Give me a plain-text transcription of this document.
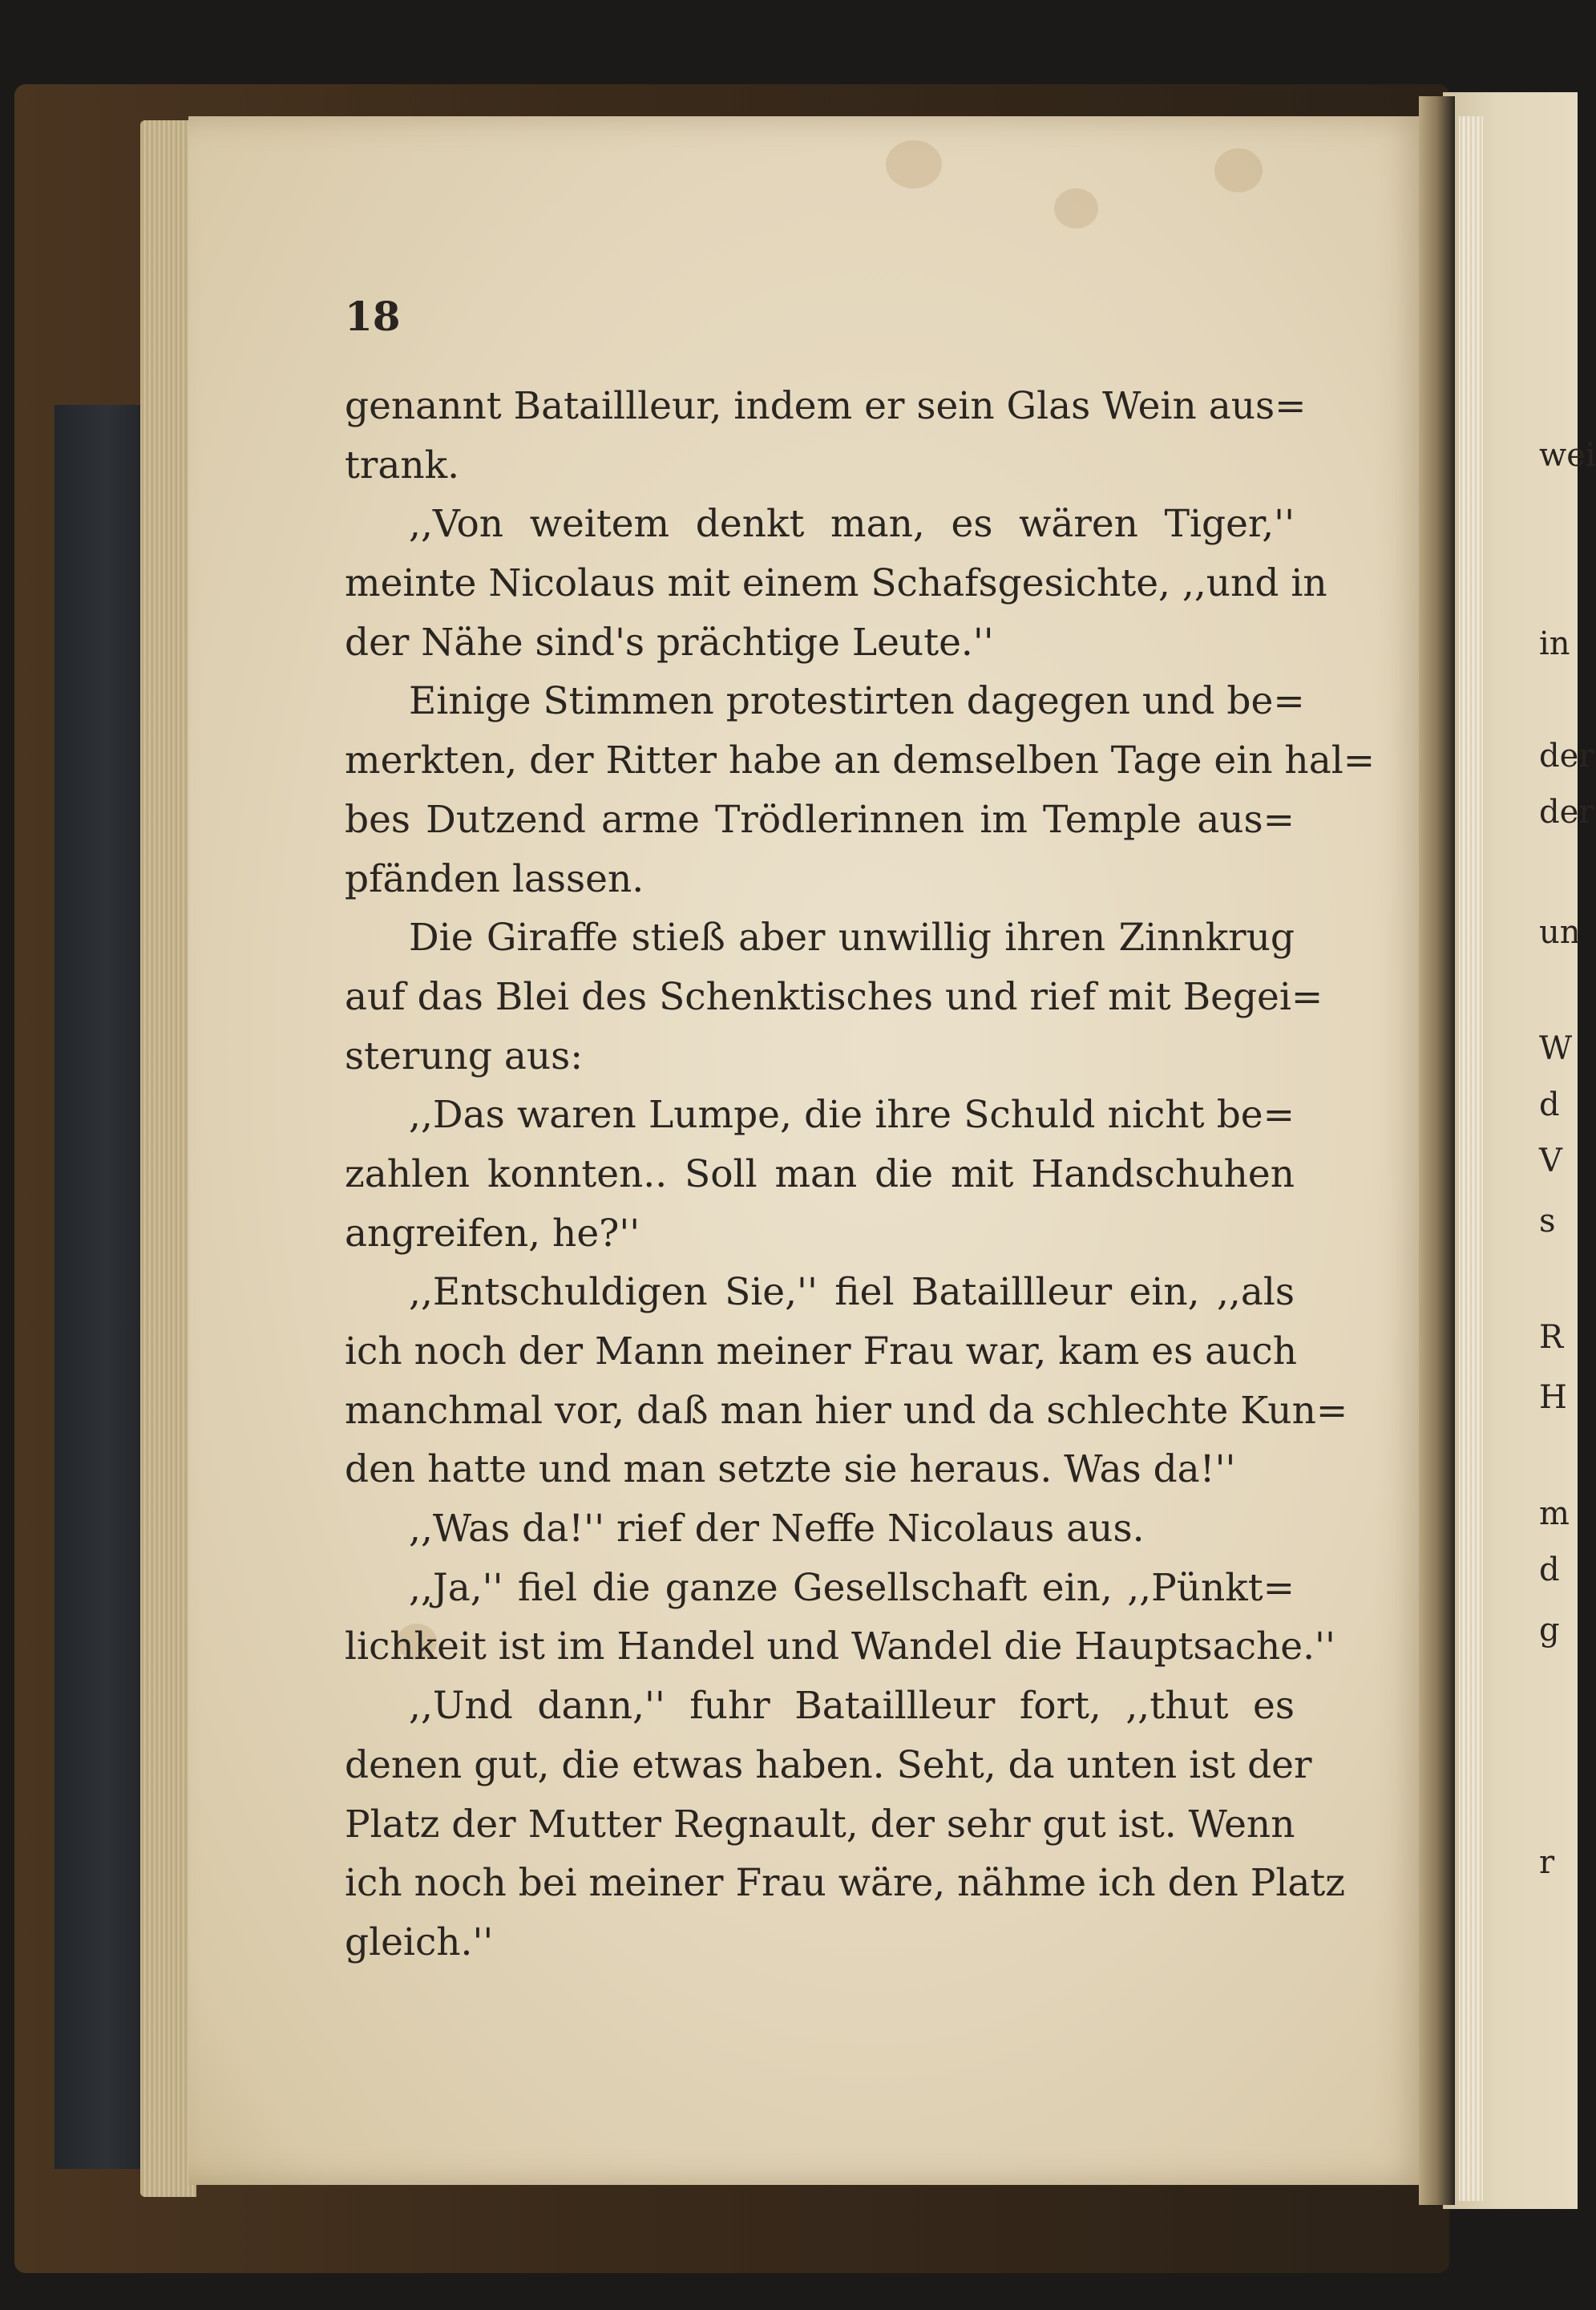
18
genannt Bataillleur, indem er sein Glas Wein aus=
trank.
,,Von weitem denkt man, es wären Tiger,''
meinte Nicolaus mit einem Schafsgesichte, ,,und in
der Nähe sind's prächtige Leute.''
Einige Stimmen protestirten dagegen und be=
merkten, der Ritter habe an demselben Tage ein hal=
bes Dutzend arme Trödlerinnen im Temple aus=
pfänden lassen.
Die Giraffe stieß aber unwillig ihren Zinnkrug
auf das Blei des Schenktisches und rief mit Begei=
sterung aus:
,,Das waren Lumpe, die ihre Schuld nicht be=
zahlen konnten.. Soll man die mit Handschuhen
angreifen, he?''
,,Entschuldigen Sie,'' fiel Bataillleur ein, ,,als
ich noch der Mann meiner Frau war, kam es auch
manchmal vor, daß man hier und da schlechte Kun=
den hatte und man setzte sie heraus. Was da!''
,,Was da!'' rief der Neffe Nicolaus aus.
,,Ja,'' fiel die ganze Gesellschaft ein, ,,Pünkt=
lichkeit ist im Handel und Wandel die Hauptsache.''
,,Und dann,'' fuhr Bataillleur fort, ,,thut es
denen gut, die etwas haben. Seht, da unten ist der
Platz der Mutter Regnault, der sehr gut ist. Wenn
ich noch bei meiner Frau wäre, nähme ich den Platz
gleich.''
wei
in
der
der
un
W
d
V
s
R
H
m
d
g
r
